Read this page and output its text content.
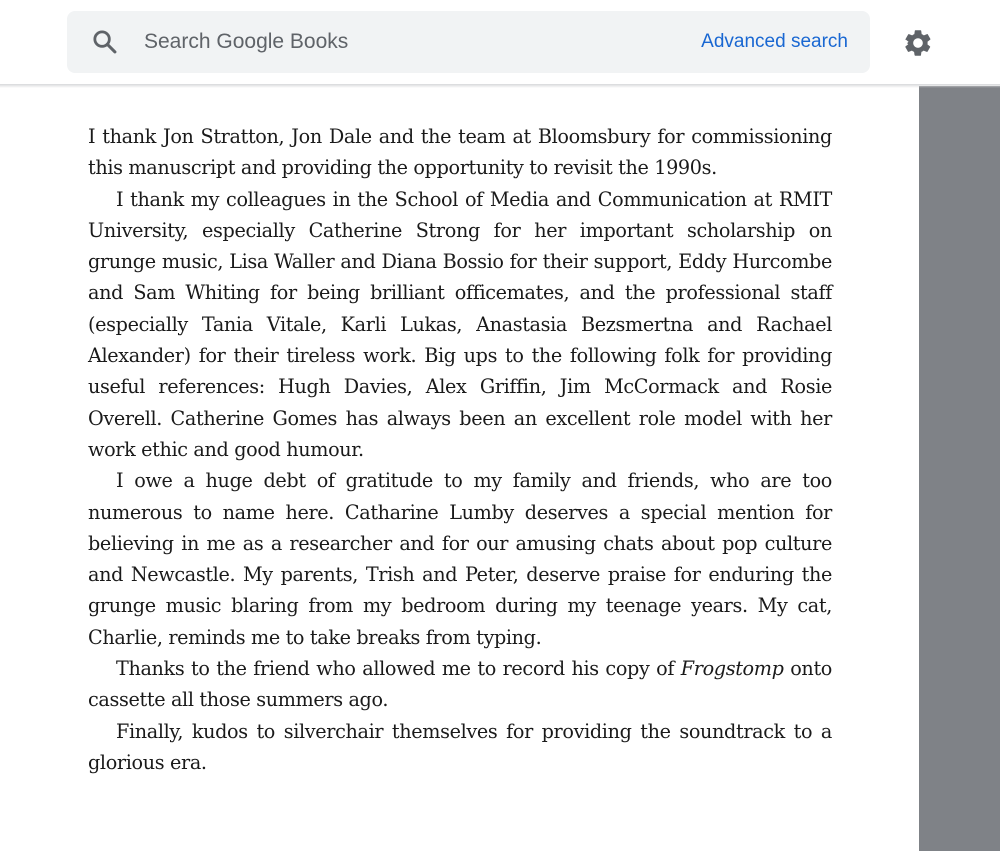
Search Google Books
Advanced search

I thank Jon Stratton, Jon Dale and the team at Bloomsbury for commissioning this manuscript and providing the opportunity to revisit the 1990s.

I thank my colleagues in the School of Media and Communication at RMIT University, especially Catherine Strong for her important scholarship on grunge music, Lisa Waller and Diana Bossio for their support, Eddy Hurcombe and Sam Whiting for being brilliant officemates, and the professional staff (especially Tania Vitale, Karli Lukas, Anastasia Bezsmertna and Rachael Alexander) for their tireless work. Big ups to the following folk for providing useful references: Hugh Davies, Alex Griffin, Jim McCormack and Rosie Overell. Catherine Gomes has always been an excellent role model with her work ethic and good humour.

I owe a huge debt of gratitude to my family and friends, who are too numerous to name here. Catharine Lumby deserves a special mention for believing in me as a researcher and for our amusing chats about pop culture and Newcastle. My parents, Trish and Peter, deserve praise for enduring the grunge music blaring from my bedroom during my teenage years. My cat, Charlie, reminds me to take breaks from typing.

Thanks to the friend who allowed me to record his copy of Frogstomp onto cassette all those summers ago.

Finally, kudos to silverchair themselves for providing the soundtrack to a glorious era.
